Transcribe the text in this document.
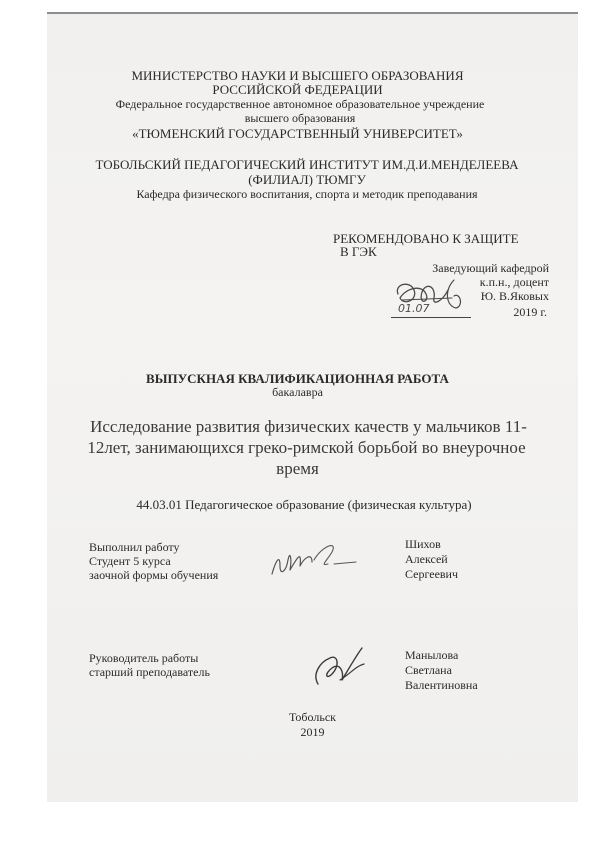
МИНИСТЕРСТВО НАУКИ И ВЫСШЕГО ОБРАЗОВАНИЯ
РОССИЙСКОЙ ФЕДЕРАЦИИ
Федеральное государственное автономное образовательное учреждение
высшего образования
«ТЮМЕНСКИЙ ГОСУДАРСТВЕННЫЙ УНИВЕРСИТЕТ»
ТОБОЛЬСКИЙ ПЕДАГОГИЧЕСКИЙ ИНСТИТУТ ИМ.Д.И.МЕНДЕЛЕЕВА
(ФИЛИАЛ) ТЮМГУ
Кафедра физического воспитания, спорта и методик преподавания
РЕКОМЕНДОВАНО К ЗАЩИТЕ
В ГЭК
Заведующий кафедрой
к.п.н., доцент
Ю. В.Яковых
01.07	2019 г.
ВЫПУСКНАЯ КВАЛИФИКАЦИОННАЯ РАБОТА
бакалавра
Исследование развития физических качеств у мальчиков 11-
12лет, занимающихся греко-римской борьбой во внеурочное
время
44.03.01 Педагогическое образование (физическая культура)
Выполнил работу
Студент 5 курса
заочной формы обучения
Шихов
Алексей
Сергеевич
Руководитель работы
старший преподаватель
Манылова
Светлана
Валентиновна
Тобольск
2019
